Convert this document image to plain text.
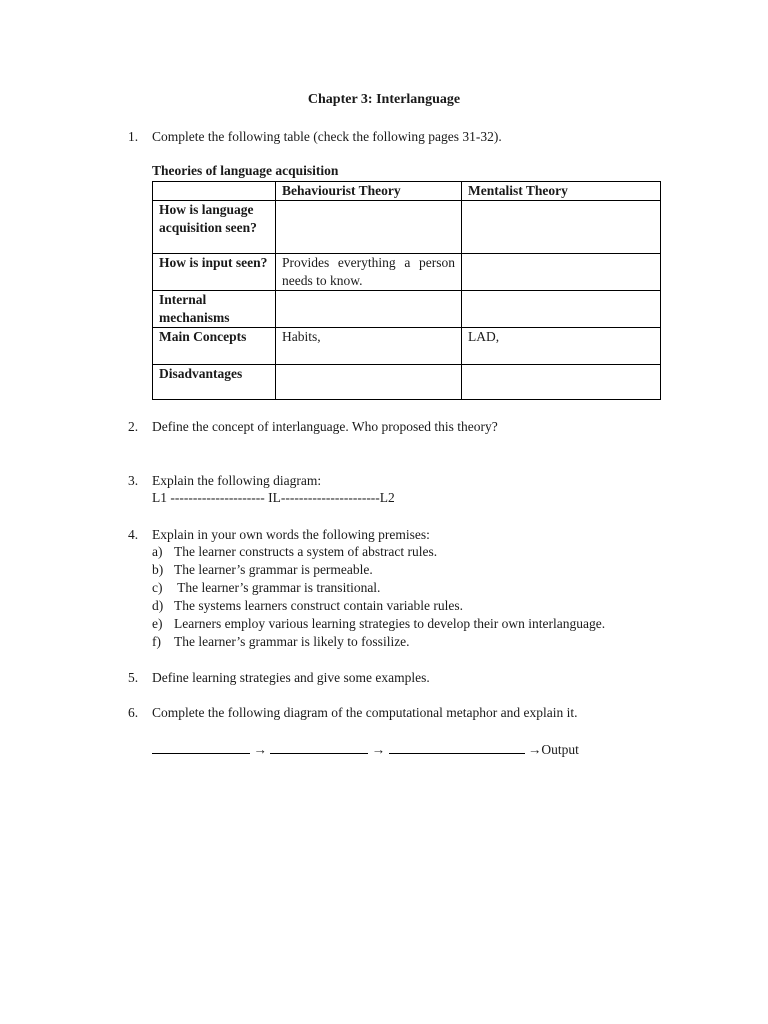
Chapter 3: Interlanguage
1. Complete the following table (check the following pages 31-32).
Theories of language acquisition
	Behaviourist Theory	Mentalist Theory
How is language acquisition seen?		
How is input seen?	Provides everything a person needs to know.	
Internal mechanisms		
Main Concepts	Habits,	LAD,
Disadvantages		
2. Define the concept of interlanguage. Who proposed this theory?
3. Explain the following diagram:
L1 --------------------- IL----------------------L2
4. Explain in your own words the following premises:
a) The learner constructs a system of abstract rules.
b) The learner’s grammar is permeable.
c) The learner’s grammar is transitional.
d) The systems learners construct contain variable rules.
e) Learners employ various learning strategies to develop their own interlanguage.
f) The learner’s grammar is likely to fossilize.
5. Define learning strategies and give some examples.
6. Complete the following diagram of the computational metaphor and explain it.
→	→	→Output
